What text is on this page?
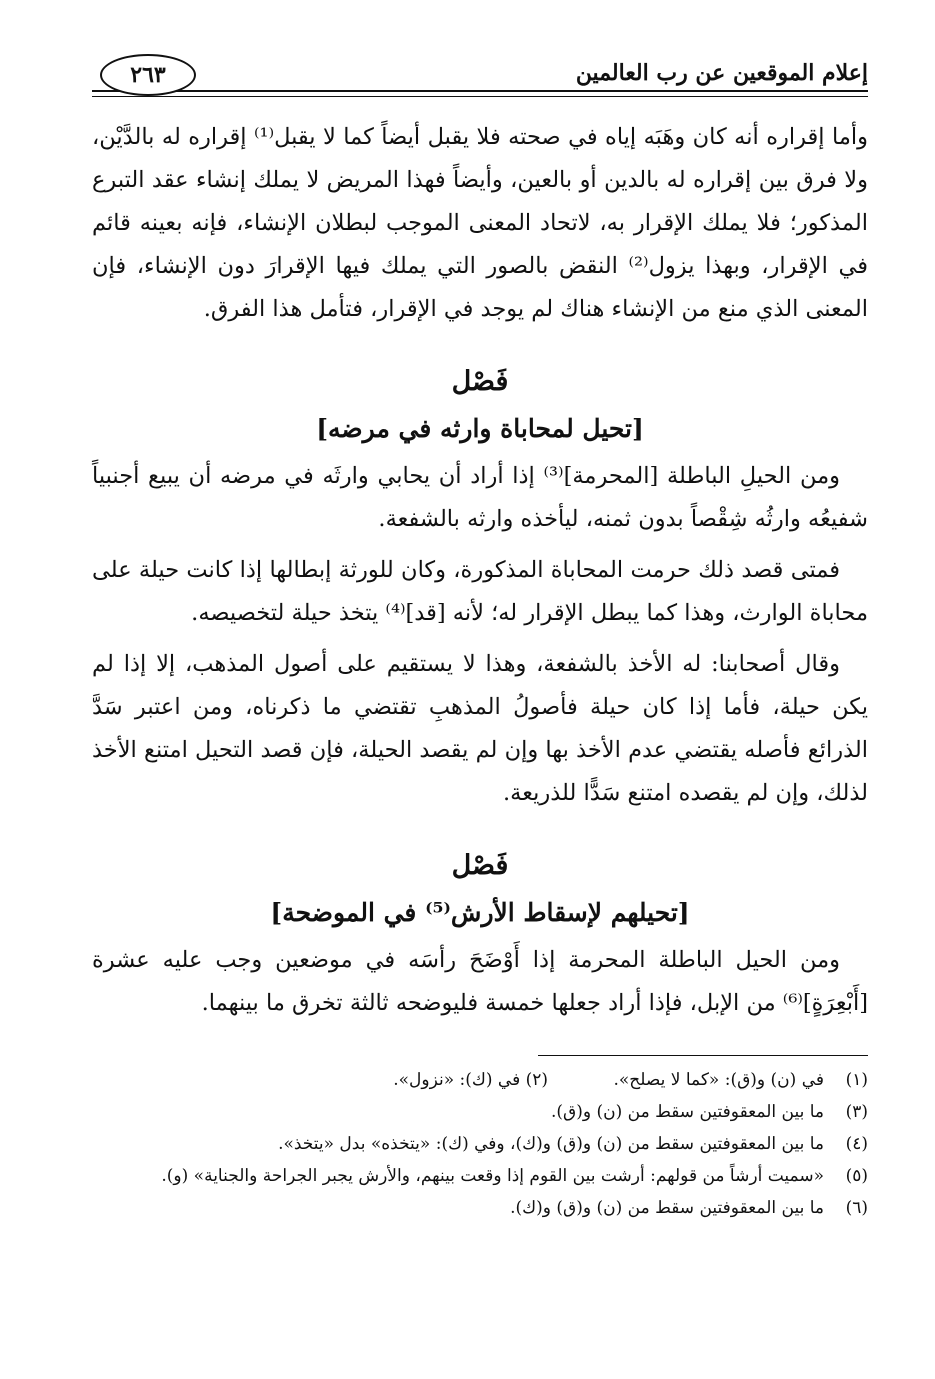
إعلام الموقعين عن رب العالمين
٢٦٣

وأما إقراره أنه كان وهَبَه إياه في صحته فلا يقبل أيضاً كما لا يقبل⁽¹⁾ إقراره له بالدَّيْن، ولا فرق بين إقراره له بالدين أو بالعين، وأيضاً فهذا المريض لا يملك إنشاء عقد التبرع المذكور؛ فلا يملك الإقرار به، لاتحاد المعنى الموجب لبطلان الإنشاء، فإنه بعينه قائم في الإقرار، وبهذا يزول⁽²⁾ النقض بالصور التي يملك فيها الإقرارَ دون الإنشاء، فإن المعنى الذي منع من الإنشاء هناك لم يوجد في الإقرار، فتأمل هذا الفرق.

فَصْل
[تحيل لمحاباة وارثه في مرضه]

ومن الحيلِ الباطلة [المحرمة]⁽³⁾ إذا أراد أن يحابي وارثَه في مرضه أن يبيع أجنبياً شفيعُه وارثُه شِقْصاً بدون ثمنه، ليأخذه وارثه بالشفعة.

فمتى قصد ذلك حرمت المحاباة المذكورة، وكان للورثة إبطالها إذا كانت حيلة على محاباة الوارث، وهذا كما يبطل الإقرار له؛ لأنه [قد]⁽⁴⁾ يتخذ حيلة لتخصيصه.

وقال أصحابنا: له الأخذ بالشفعة، وهذا لا يستقيم على أصول المذهب، إلا إذا لم يكن حيلة، فأما إذا كان حيلة فأصولُ المذهبِ تقتضي ما ذكرناه، ومن اعتبر سَدَّ الذرائع فأصله يقتضي عدم الأخذ بها وإن لم يقصد الحيلة، فإن قصد التحيل امتنع الأخذ لذلك، وإن لم يقصده امتنع سَدًّا للذريعة.

فَصْل
[تحيلهم لإسقاط الأرش⁽⁵⁾ في الموضحة]

ومن الحيل الباطلة المحرمة إذا أَوْضَحَ رأسَه في موضعين وجب عليه عشرة [أَبْعِرَةٍ]⁽⁶⁾ من الإبل، فإذا أراد جعلها خمسة فليوضحه ثالثة تخرق ما بينهما.

(١)
في (ن) و(ق): «كما لا يصلح». (٢) في (ك): «نزول».
(٣)
ما بين المعقوفتين سقط من (ن) و(ق).
(٤)
ما بين المعقوفتين سقط من (ن) و(ق) و(ك)، وفي (ك): «يتخذه» بدل «يتخذ».
(٥)
«سميت أرشاً من قولهم: أرشت بين القوم إذا وقعت بينهم، والأرش يجبر الجراحة والجناية» (و).
(٦)
ما بين المعقوفتين سقط من (ن) و(ق) و(ك).
